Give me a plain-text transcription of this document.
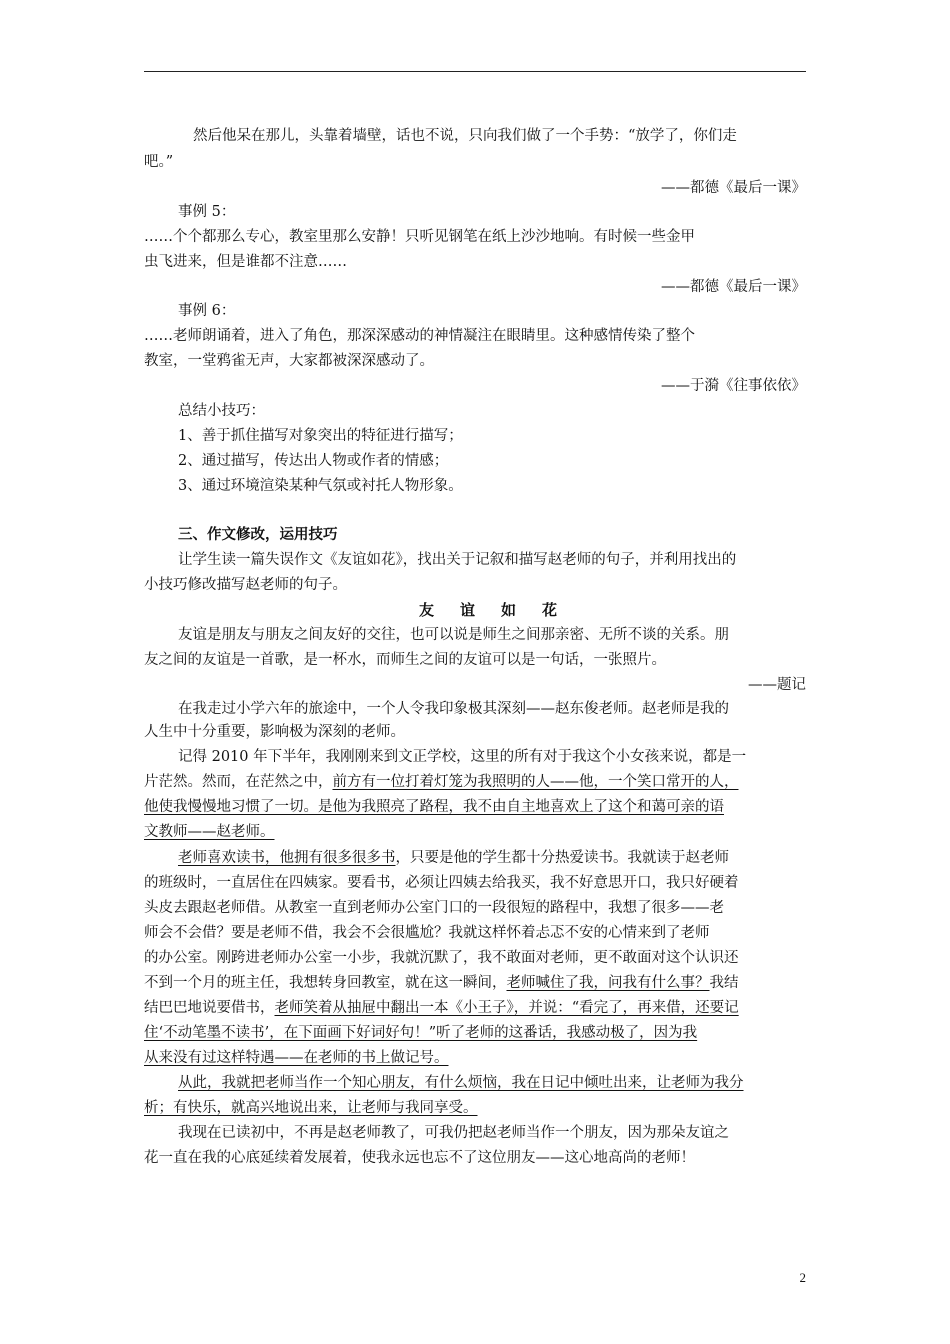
然后他呆在那儿，头靠着墙壁，话也不说，只向我们做了一个手势：“放学了，你们走
吧。”
——都德《最后一课》
事例 5：
……个个都那么专心，教室里那么安静！只听见钢笔在纸上沙沙地响。有时候一些金甲
虫飞进来，但是谁都不注意……
——都德《最后一课》
事例 6：
……老师朗诵着，进入了角色，那深深感动的神情凝注在眼睛里。这种感情传染了整个
教室，一堂鸦雀无声，大家都被深深感动了。
——于漪《往事依依》
总结小技巧：
1、善于抓住描写对象突出的特征进行描写；
2、通过描写，传达出人物或作者的情感；
3、通过环境渲染某种气氛或衬托人物形象。
三、作文修改，运用技巧
让学生读一篇失误作文《友谊如花》，找出关于记叙和描写赵老师的句子，并利用找出的
小技巧修改描写赵老师的句子。
友谊如花
友谊是朋友与朋友之间友好的交往，也可以说是师生之间那亲密、无所不谈的关系。朋
友之间的友谊是一首歌，是一杯水，而师生之间的友谊可以是一句话，一张照片。
——题记
在我走过小学六年的旅途中，一个人令我印象极其深刻——赵东俊老师。赵老师是我的
人生中十分重要，影响极为深刻的老师。
记得 2010 年下半年，我刚刚来到文正学校，这里的所有对于我这个小女孩来说，都是一
片茫然。然而，在茫然之中，前方有一位打着灯笼为我照明的人——他，一个笑口常开的人，
他使我慢慢地习惯了一切。是他为我照亮了路程，我不由自主地喜欢上了这个和蔼可亲的语
文教师——赵老师。
老师喜欢读书，他拥有很多很多书，只要是他的学生都十分热爱读书。我就读于赵老师
的班级时，一直居住在四姨家。要看书，必须让四姨去给我买，我不好意思开口，我只好硬着
头皮去跟赵老师借。从教室一直到老师办公室门口的一段很短的路程中，我想了很多——老
师会不会借？要是老师不借，我会不会很尴尬？我就这样怀着忐忑不安的心情来到了老师
的办公室。刚跨进老师办公室一小步，我就沉默了，我不敢面对老师，更不敢面对这个认识还
不到一个月的班主任，我想转身回教室，就在这一瞬间，老师喊住了我，问我有什么事？我结
结巴巴地说要借书，老师笑着从抽屉中翻出一本《小王子》，并说：“看完了，再来借，还要记
住‘不动笔墨不读书’，在下面画下好词好句！”听了老师的这番话，我感动极了，因为我
从来没有过这样特遇——在老师的书上做记号。
从此，我就把老师当作一个知心朋友，有什么烦恼，我在日记中倾吐出来，让老师为我分
析；有快乐，就高兴地说出来，让老师与我同享受。
我现在已读初中，不再是赵老师教了，可我仍把赵老师当作一个朋友，因为那朵友谊之
花一直在我的心底延续着发展着，使我永远也忘不了这位朋友——这心地高尚的老师！
2
